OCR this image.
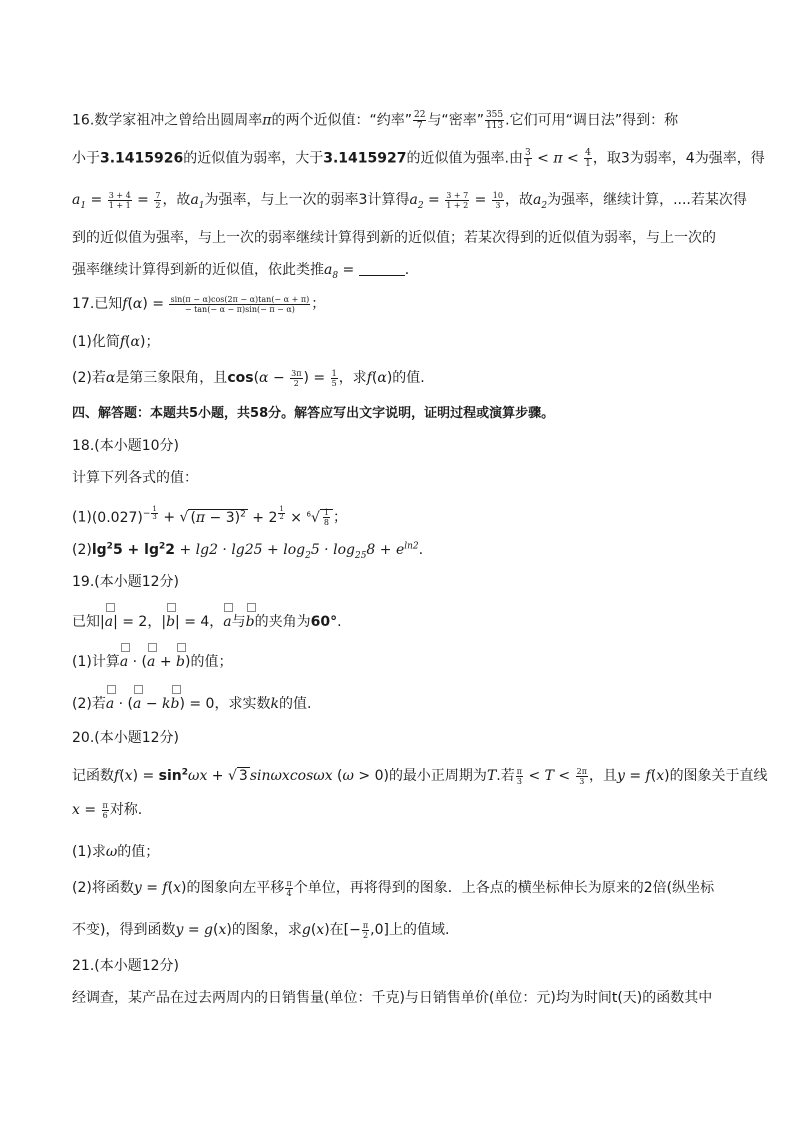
16.数学家祖冲之曾给出圆周率π的两个近似值：“约率” $\frac{22}{7}$ 与“密率” $\frac{355}{113}$ .它们可用“调日法”得到：称
小于3.1415926的近似值为弱率，大于3.1415927的近似值为强率.由 $\frac{3}{1} < \pi < \frac{4}{1}$ ，取3为弱率，4为强率，得
$a_1 = \frac{3 + 4}{1 + 1} = \frac{7}{2}$ ，故$a_1$为强率，与上一次的弱率3计算得$a_2 = \frac{3 + 7}{1 + 2} = \frac{10}{3}$ ，故$a_2$为强率，继续计算，....若某次得
到的近似值为强率，与上一次的弱率继续计算得到新的近似值；若某次得到的近似值为弱率，与上一次的
强率继续计算得到新的近似值，依此类推$a_8$ =	.
17.已知$f(\alpha) = \frac{\sin(\pi - \alpha)\cos(2\pi - \alpha)\tan(- \alpha + \pi)}{- \tan(- \alpha - \pi)\sin(- \pi - \alpha)}$ ；
(1)化简f(α)；
(2)若α是第三象限角，且$\cos(\alpha - \frac{3\pi}{2}$ ) = $\frac{1}{5}$ ，求f(α)的值.
四、解答题：本题共5小题，共58分。解答应写出文字说明，证明过程或演算步骤。
18.(本小题10分)
计算下列各式的值：
$(1)(0.027)^{- \frac{1}{3}}$ + √ $(\pi - 3)^2 + 2$ $^{\frac{1}{2}} \times ^6√ \frac{1}{8}$ ；
$(2)\lg^25 + \lg^22 + \lg 2 \cdot \lg 25 + \log_25 \cdot \log_{25}8 + e^{ln2}$.
19.(本小题12分)
已知|a| = 2，|b| = 4，a与b的夹角为60°.
(1)计算a · (a + b)的值；
(2)若a · (a − kb) = 0，求实数k的值.
20.(本小题12分)
记函数$f(x) = \sin^2\omega x$ + √ 3 sinωxcosωx (ω > 0)的最小正周期为T.若 $\frac{\pi}{3} < T < \frac{2\pi}{3}$ ，且y = f(x)的图象关于直线
$x = \frac{\pi}{6}$ 对称.
(1)求ω的值；
(2)将函数y = f(x)的图象向左平移 $\frac{\pi}{4}$ 个单位，再将得到的图象．上各点的横坐标伸长为原来的2倍(纵坐标
不变)，得到函数y = g(x)的图象，求g(x)在[− $\frac{\pi}{2} ,0$]上的值域.
21.(本小题12分)
经调查，某产品在过去两周内的日销售量(单位：千克)与日销售单价(单位：元)均为时间t(天)的函数其中
